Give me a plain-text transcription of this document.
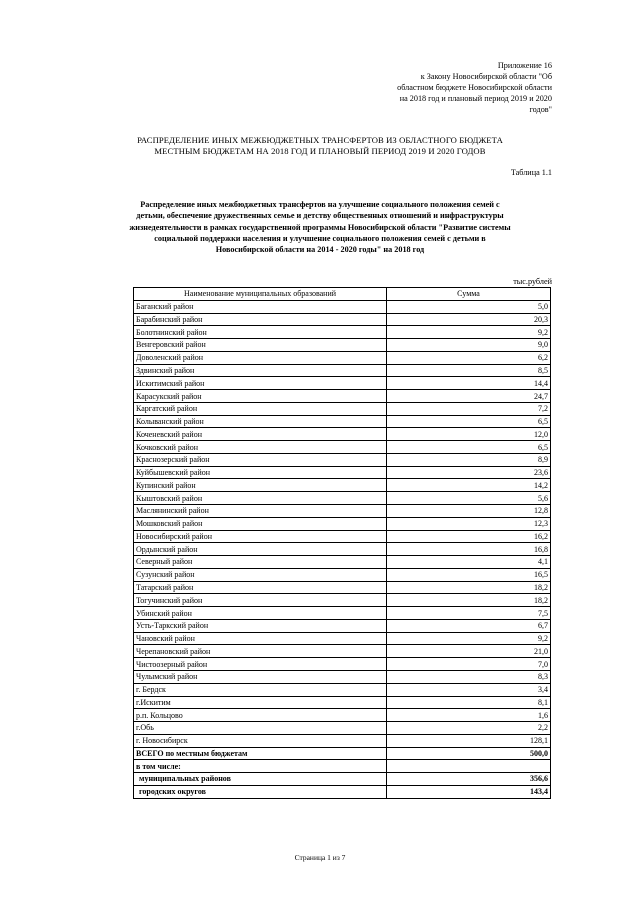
Приложение 16
к Закону Новосибирской области "Об
областном бюджете Новосибирской области
на 2018 год и плановый период 2019 и 2020
годов"
РАСПРЕДЕЛЕНИЕ ИНЫХ МЕЖБЮДЖЕТНЫХ ТРАНСФЕРТОВ ИЗ ОБЛАСТНОГО БЮДЖЕТА
МЕСТНЫМ БЮДЖЕТАМ НА 2018 ГОД И ПЛАНОВЫЙ ПЕРИОД 2019 И 2020 ГОДОВ
Таблица 1.1
Распределение иных межбюджетных трансфертов на улучшение социального положения семей с
детьми, обеспечение дружественных семье и детству общественных отношений и инфраструктуры
жизнедеятельности в рамках государственной программы Новосибирской области "Развитие системы
социальной поддержки населения и улучшение социального положения семей с детьми в
Новосибирской области на 2014 - 2020 годы" на 2018 год
тыс.рублей
Наименование муниципальных образований	Сумма
Баганский район	5,0
Барабинский район	20,3
Болотнинский район	9,2
Венгеровский район	9,0
Доволенский район	6,2
Здвинский район	8,5
Искитимский район	14,4
Карасукский район	24,7
Каргатский район	7,2
Колыванский район	6,5
Коченевский район	12,0
Кочковский район	6,5
Краснозерский район	8,9
Куйбышевский район	23,6
Купинский район	14,2
Кыштовский район	5,6
Маслянинский район	12,8
Мошковский район	12,3
Новосибирский район	16,2
Ордынский район	16,8
Северный район	4,1
Сузунский район	16,5
Татарский район	18,2
Тогучинский район	18,2
Убинский район	7,5
Усть-Таркский район	6,7
Чановский район	9,2
Черепановский район	21,0
Чистоозерный район	7,0
Чулымский район	8,3
г. Бердск	3,4
г.Искитим	8,1
р.п. Кольцово	1,6
г.Обь	2,2
г. Новосибирск	128,1
ВСЕГО по местным бюджетам	500,0
в том числе:	
муниципальных районов	356,6
городских округов	143,4
Страница 1 из 7
